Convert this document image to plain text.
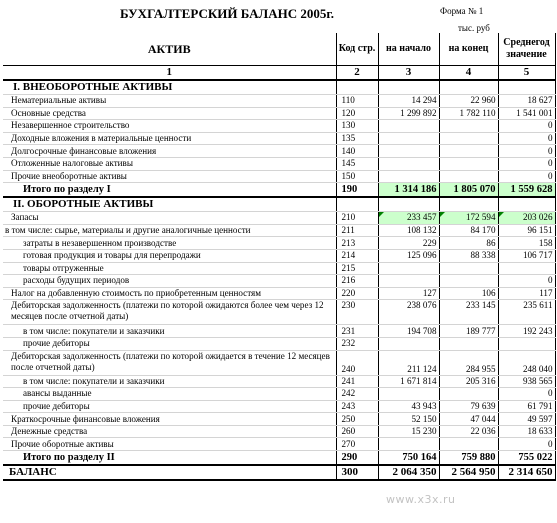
БУХГАЛТЕРСКИЙ БАЛАНС 2005г.	Форма № 1
тыс. руб
АКТИВ	Код стр.	на начало	на конец	Среднегод значение
1	2	3	4	5
I. ВНЕОБОРОТНЫЕ АКТИВЫ				
Нематериальные активы	110	14 294	22 960	18 627
Основные средства	120	1 299 892	1 782 110	1 541 001
Незавершенное строительство	130			0
Доходные вложения в материальные ценности	135			0
Долгосрочные финансовые вложения	140			0
Отложенные налоговые активы	145			0
Прочие внеоборотные активы	150			0
Итого по разделу I	190	1 314 186	1 805 070	1 559 628
II. ОБОРОТНЫЕ АКТИВЫ				
Запасы	210	233 457	172 594	203 026
в том числе: сырье, материалы и другие аналогичные ценности	211	108 132	84 170	96 151
затраты в незавершенном производстве	213	229	86	158
готовая продукция и товары для перепродажи	214	125 096	88 338	106 717
товары отгруженные	215			
расходы будущих периодов	216			0
Налог на добавленную стоимость по приобретенным ценностям	220	127	106	117
Дебиторская задолженность (платежи по которой ожидаются более чем через 12 месяцев после отчетной даты)	230	238 076	233 145	235 611
в том числе: покупатели и заказчики	231	194 708	189 777	192 243
прочие дебиторы	232			
Дебиторская задолженность (платежи по которой ожидается в течение 12 месяцев после отчетной даты)	240	211 124	284 955	248 040
в том числе: покупатели и заказчики	241	1 671 814	205 316	938 565
авансы выданные	242			0
прочие дебиторы	243	43 943	79 639	61 791
Краткосрочные финансовые вложения	250	52 150	47 044	49 597
Денежные средства	260	15 230	22 036	18 633
Прочие оборотные активы	270			0
Итого по разделу II	290	750 164	759 880	755 022
БАЛАНС	300	2 064 350	2 564 950	2 314 650
www.x3x.ru
